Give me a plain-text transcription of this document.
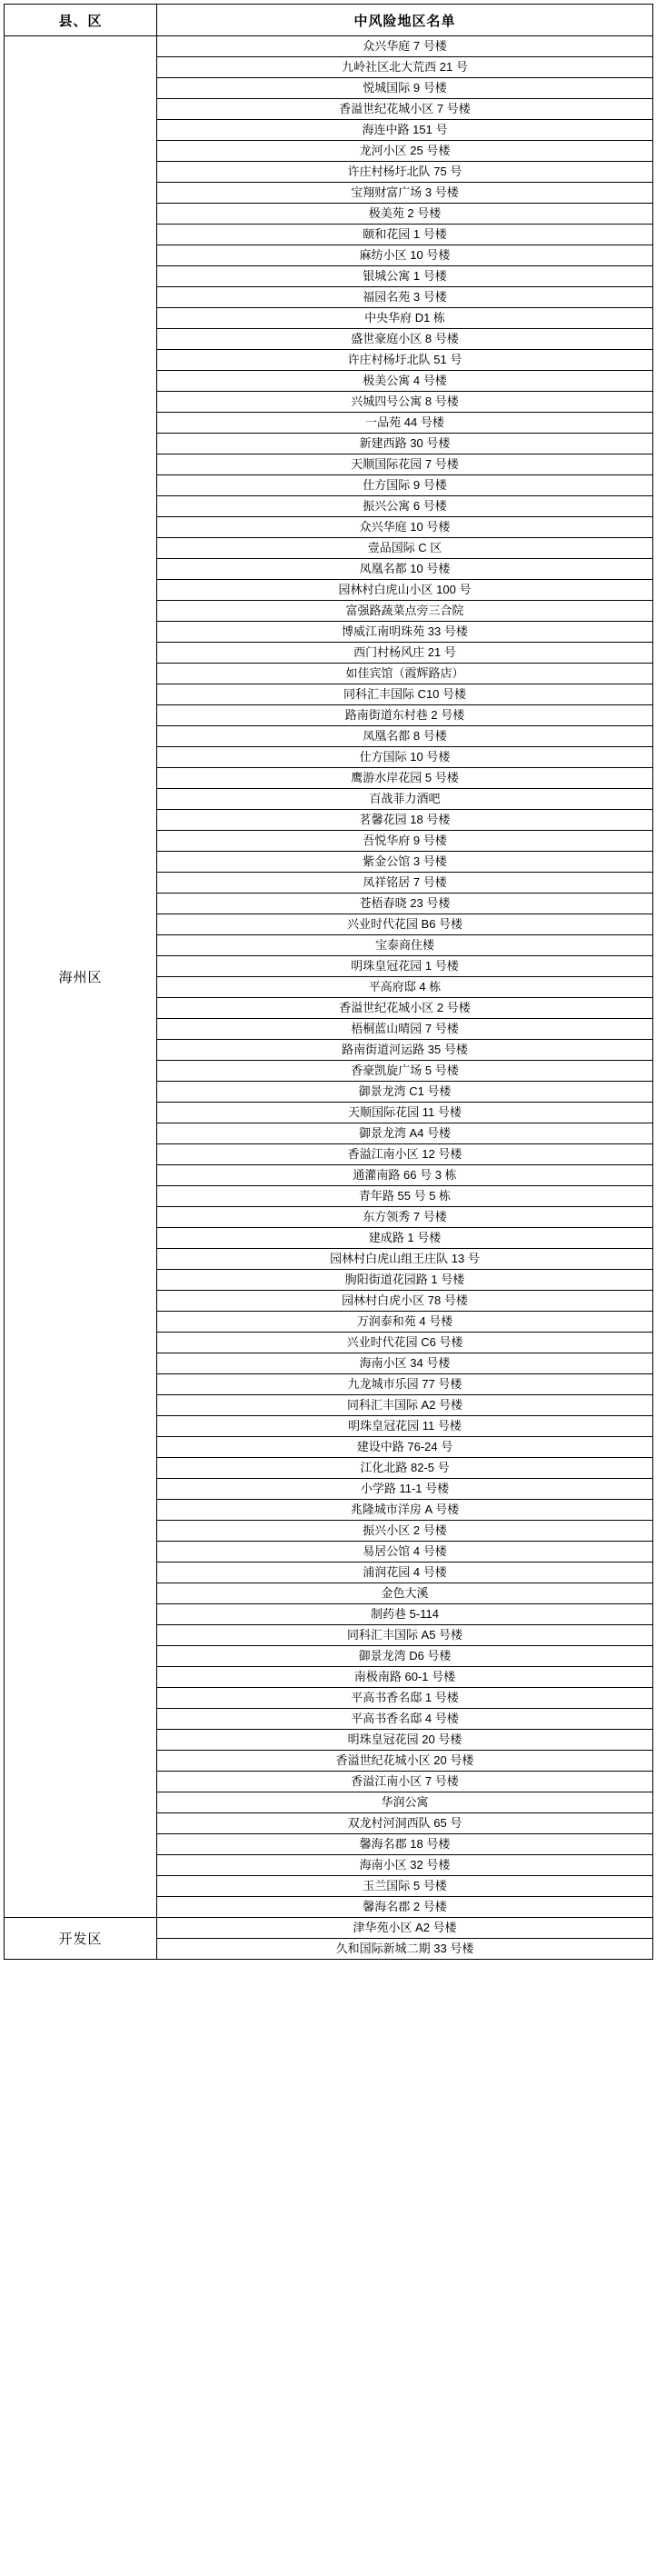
县、区	中风险地区名单
海州区	众兴华庭 7 号楼
	九岭社区北大荒西 21 号
	悦城国际 9 号楼
	香溢世纪花城小区 7 号楼
	海连中路 151 号
	龙河小区 25 号楼
	许庄村杨圩北队 75 号
	宝翔财富广场 3 号楼
	极美苑 2 号楼
	颐和花园 1 号楼
	麻纺小区 10 号楼
	银城公寓 1 号楼
	福园名苑 3 号楼
	中央华府 D1 栋
	盛世豪庭小区 8 号楼
	许庄村杨圩北队 51 号
	极美公寓 4 号楼
	兴城四号公寓 8 号楼
	一品苑 44 号楼
	新建西路 30 号楼
	天顺国际花园 7 号楼
	仕方国际 9 号楼
	振兴公寓 6 号楼
	众兴华庭 10 号楼
	壹品国际 C 区
	凤凰名都 10 号楼
	园林村白虎山小区 100 号
	富强路蔬菜点旁三合院
	博威江南明珠苑 33 号楼
	西门村杨风庄 21 号
	如佳宾馆（霞辉路店）
	同科汇丰国际 C10 号楼
	路南街道东村巷 2 号楼
	凤凰名都 8 号楼
	仕方国际 10 号楼
	鹰游水岸花园 5 号楼
	百战菲力酒吧
	茗馨花园 18 号楼
	吾悦华府 9 号楼
	紫金公馆 3 号楼
	凤祥铭居 7 号楼
	苍梧春晓 23 号楼
	兴业时代花园 B6 号楼
	宝泰商住楼
	明珠皇冠花园 1 号楼
	平高府邸 4 栋
	香溢世纪花城小区 2 号楼
	梧桐蓝山晴园 7 号楼
	路南街道河运路 35 号楼
	香豪凯旋广场 5 号楼
	御景龙湾 C1 号楼
	天顺国际花园 11 号楼
	御景龙湾 A4 号楼
	香溢江南小区 12 号楼
	通灌南路 66 号 3 栋
	青年路 55 号 5 栋
	东方领秀 7 号楼
	建成路 1 号楼
	园林村白虎山组王庄队 13 号
	朐阳街道花园路 1 号楼
	园林村白虎小区 78 号楼
	万润泰和苑 4 号楼
	兴业时代花园 C6 号楼
	海南小区 34 号楼
	九龙城市乐园 77 号楼
	同科汇丰国际 A2 号楼
	明珠皇冠花园 11 号楼
	建设中路 76-24 号
	江化北路 82-5 号
	小学路 11-1 号楼
	兆隆城市洋房 A 号楼
	振兴小区 2 号楼
	易居公馆 4 号楼
	浦润花园 4 号楼
	金色大溪
	制药巷 5-114
	同科汇丰国际 A5 号楼
	御景龙湾 D6 号楼
	南极南路 60-1 号楼
	平高书香名邸 1 号楼
	平高书香名邸 4 号楼
	明珠皇冠花园 20 号楼
	香溢世纪花城小区 20 号楼
	香溢江南小区 7 号楼
	华润公寓
	双龙村河洞西队 65 号
	馨海名郡 18 号楼
	海南小区 32 号楼
	玉兰国际 5 号楼
	馨海名郡 2 号楼
开发区	津华苑小区 A2 号楼
	久和国际新城二期 33 号楼
